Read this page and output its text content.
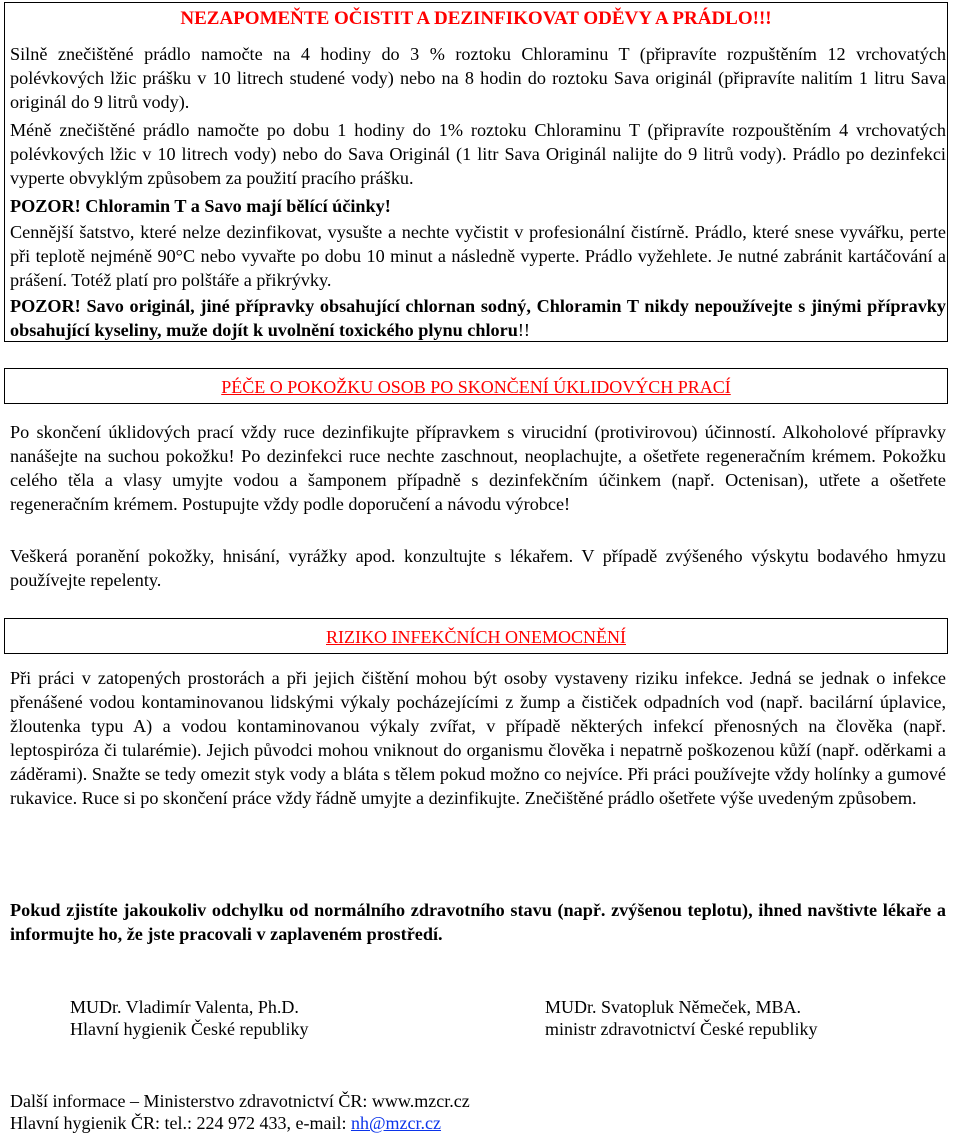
NEZAPOMEŇTE OČISTIT A DEZINFIKOVAT ODĚVY A PRÁDLO!!!

Silně znečištěné prádlo namočte na 4 hodiny do 3 % roztoku Chloraminu T (připravíte rozpuštěním 12 vrchovatých polévkových lžic prášku v 10 litrech studené vody) nebo na 8 hodin do roztoku Sava originál (připravíte nalitím 1 litru Sava originál do 9 litrů vody).

Méně znečištěné prádlo namočte po dobu 1 hodiny do 1% roztoku Chloraminu T (připravíte rozpouštěním 4 vrchovatých polévkových lžic v 10 litrech vody) nebo do Sava Originál (1 litr Sava Originál nalijte do 9 litrů vody). Prádlo po dezinfekci vyperte obvyklým způsobem za použití pracího prášku.

POZOR! Chloramin T a Savo mají bělící účinky!

Cennější šatstvo, které nelze dezinfikovat, vysušte a nechte vyčistit v profesionální čistírně. Prádlo, které snese vyvářku, perte při teplotě nejméně 90°C nebo vyvařte po dobu 10 minut a následně vyperte. Prádlo vyžehlete. Je nutné zabránit kartáčování a prášení. Totéž platí pro polštáře a přikrývky.

POZOR! Savo originál, jiné přípravky obsahující chlornan sodný, Chloramin T nikdy nepoužívejte s jinými přípravky obsahující kyseliny, muže dojít k uvolnění toxického plynu chloru!!

PÉČE O POKOŽKU OSOB PO SKONČENÍ ÚKLIDOVÝCH PRACÍ

Po skončení úklidových prací vždy ruce dezinfikujte přípravkem s virucidní (protivirovou) účinností. Alkoholové přípravky nanášejte na suchou pokožku! Po dezinfekci ruce nechte zaschnout, neoplachujte, a ošetřete regeneračním krémem. Pokožku celého těla a vlasy umyjte vodou a šamponem případně s dezinfekčním účinkem (např. Octenisan), utřete a ošetřete regeneračním krémem. Postupujte vždy podle doporučení a návodu výrobce!

Veškerá poranění pokožky, hnisání, vyrážky apod. konzultujte s lékařem. V případě zvýšeného výskytu bodavého hmyzu používejte repelenty.

RIZIKO INFEKČNÍCH ONEMOCNĚNÍ

Při práci v zatopených prostorách a při jejich čištění mohou být osoby vystaveny riziku infekce. Jedná se jednak o infekce přenášené vodou kontaminovanou lidskými výkaly pocházejícími z žump a čističek odpadních vod (např. bacilární úplavice, žloutenka typu A) a vodou kontaminovanou výkaly zvířat, v případě některých infekcí přenosných na člověka (např. leptospiróza či tularémie). Jejich původci mohou vniknout do organismu člověka i nepatrně poškozenou kůží (např. oděrkami a záděrami). Snažte se tedy omezit styk vody a bláta s tělem pokud možno co nejvíce. Při práci používejte vždy holínky a gumové rukavice. Ruce si po skončení práce vždy řádně umyjte a dezinfikujte. Znečištěné prádlo ošetřete výše uvedeným způsobem.

Pokud zjistíte jakoukoliv odchylku od normálního zdravotního stavu (např. zvýšenou teplotu), ihned navštivte lékaře a informujte ho, že jste pracovali v zaplaveném prostředí.

MUDr. Vladimír Valenta, Ph.D.
Hlavní hygienik České republiky
MUDr. Svatopluk Němeček, MBA.
ministr zdravotnictví České republiky
Další informace – Ministerstvo zdravotnictví ČR: www.mzcr.cz
Hlavní hygienik ČR: tel.: 224 972 433, e-mail: nh@mzcr.cz
